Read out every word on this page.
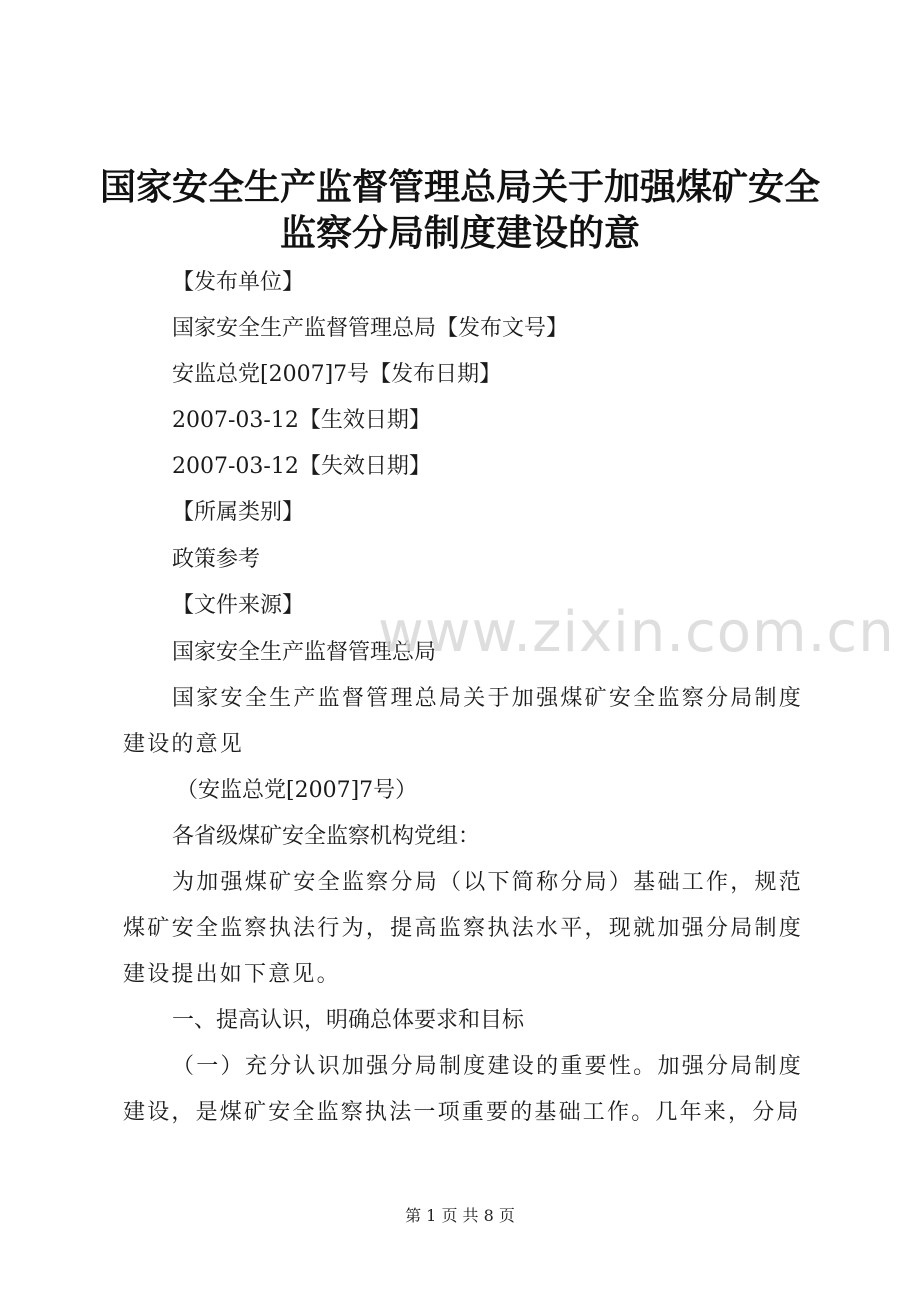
国家安全生产监督管理总局关于加强煤矿安全
监察分局制度建设的意
【发布单位】
国家安全生产监督管理总局【发布文号】
安监总党[2007]7号【发布日期】
2007-03-12【生效日期】
2007-03-12【失效日期】
【所属类别】
政策参考
【文件来源】
国家安全生产监督管理总局
国家安全生产监督管理总局关于加强煤矿安全监察分局制度建设的意见
（安监总党[2007]7号）
各省级煤矿安全监察机构党组：
为加强煤矿安全监察分局（以下简称分局）基础工作，规范煤矿安全监察执法行为，提高监察执法水平，现就加强分局制度建设提出如下意见。
一、提高认识，明确总体要求和目标
（一）充分认识加强分局制度建设的重要性。加强分局制度建设，是煤矿安全监察执法一项重要的基础工作。几年来，分局
www.zixin.com.cn
第 1 页 共 8 页
